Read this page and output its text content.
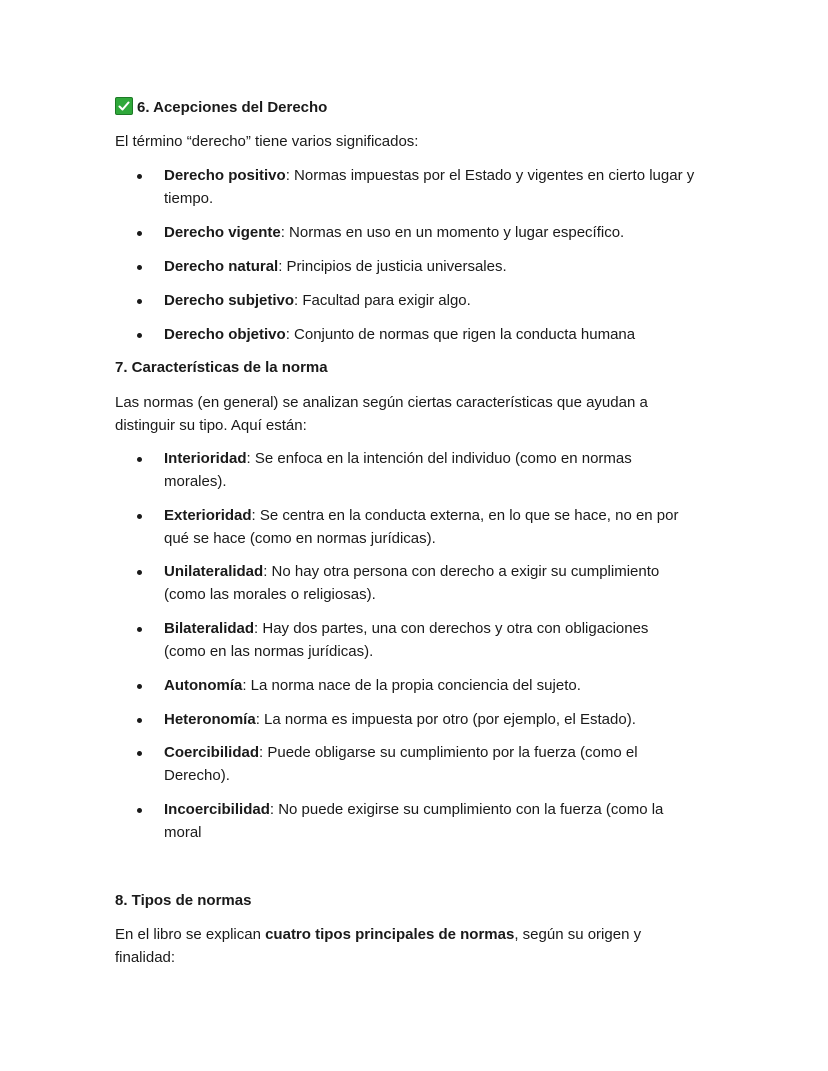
6. Acepciones del Derecho
El término “derecho” tiene varios significados:
Derecho positivo: Normas impuestas por el Estado y vigentes en cierto lugar y tiempo.
Derecho vigente: Normas en uso en un momento y lugar específico.
Derecho natural: Principios de justicia universales.
Derecho subjetivo: Facultad para exigir algo.
Derecho objetivo: Conjunto de normas que rigen la conducta humana
7. Características de la norma
Las normas (en general) se analizan según ciertas características que ayudan a distinguir su tipo. Aquí están:
Interioridad: Se enfoca en la intención del individuo (como en normas morales).
Exterioridad: Se centra en la conducta externa, en lo que se hace, no en por qué se hace (como en normas jurídicas).
Unilateralidad: No hay otra persona con derecho a exigir su cumplimiento (como las morales o religiosas).
Bilateralidad: Hay dos partes, una con derechos y otra con obligaciones (como en las normas jurídicas).
Autonomía: La norma nace de la propia conciencia del sujeto.
Heteronomía: La norma es impuesta por otro (por ejemplo, el Estado).
Coercibilidad: Puede obligarse su cumplimiento por la fuerza (como el Derecho).
Incoercibilidad: No puede exigirse su cumplimiento con la fuerza (como la moral
8. Tipos de normas
En el libro se explican cuatro tipos principales de normas, según su origen y finalidad:
